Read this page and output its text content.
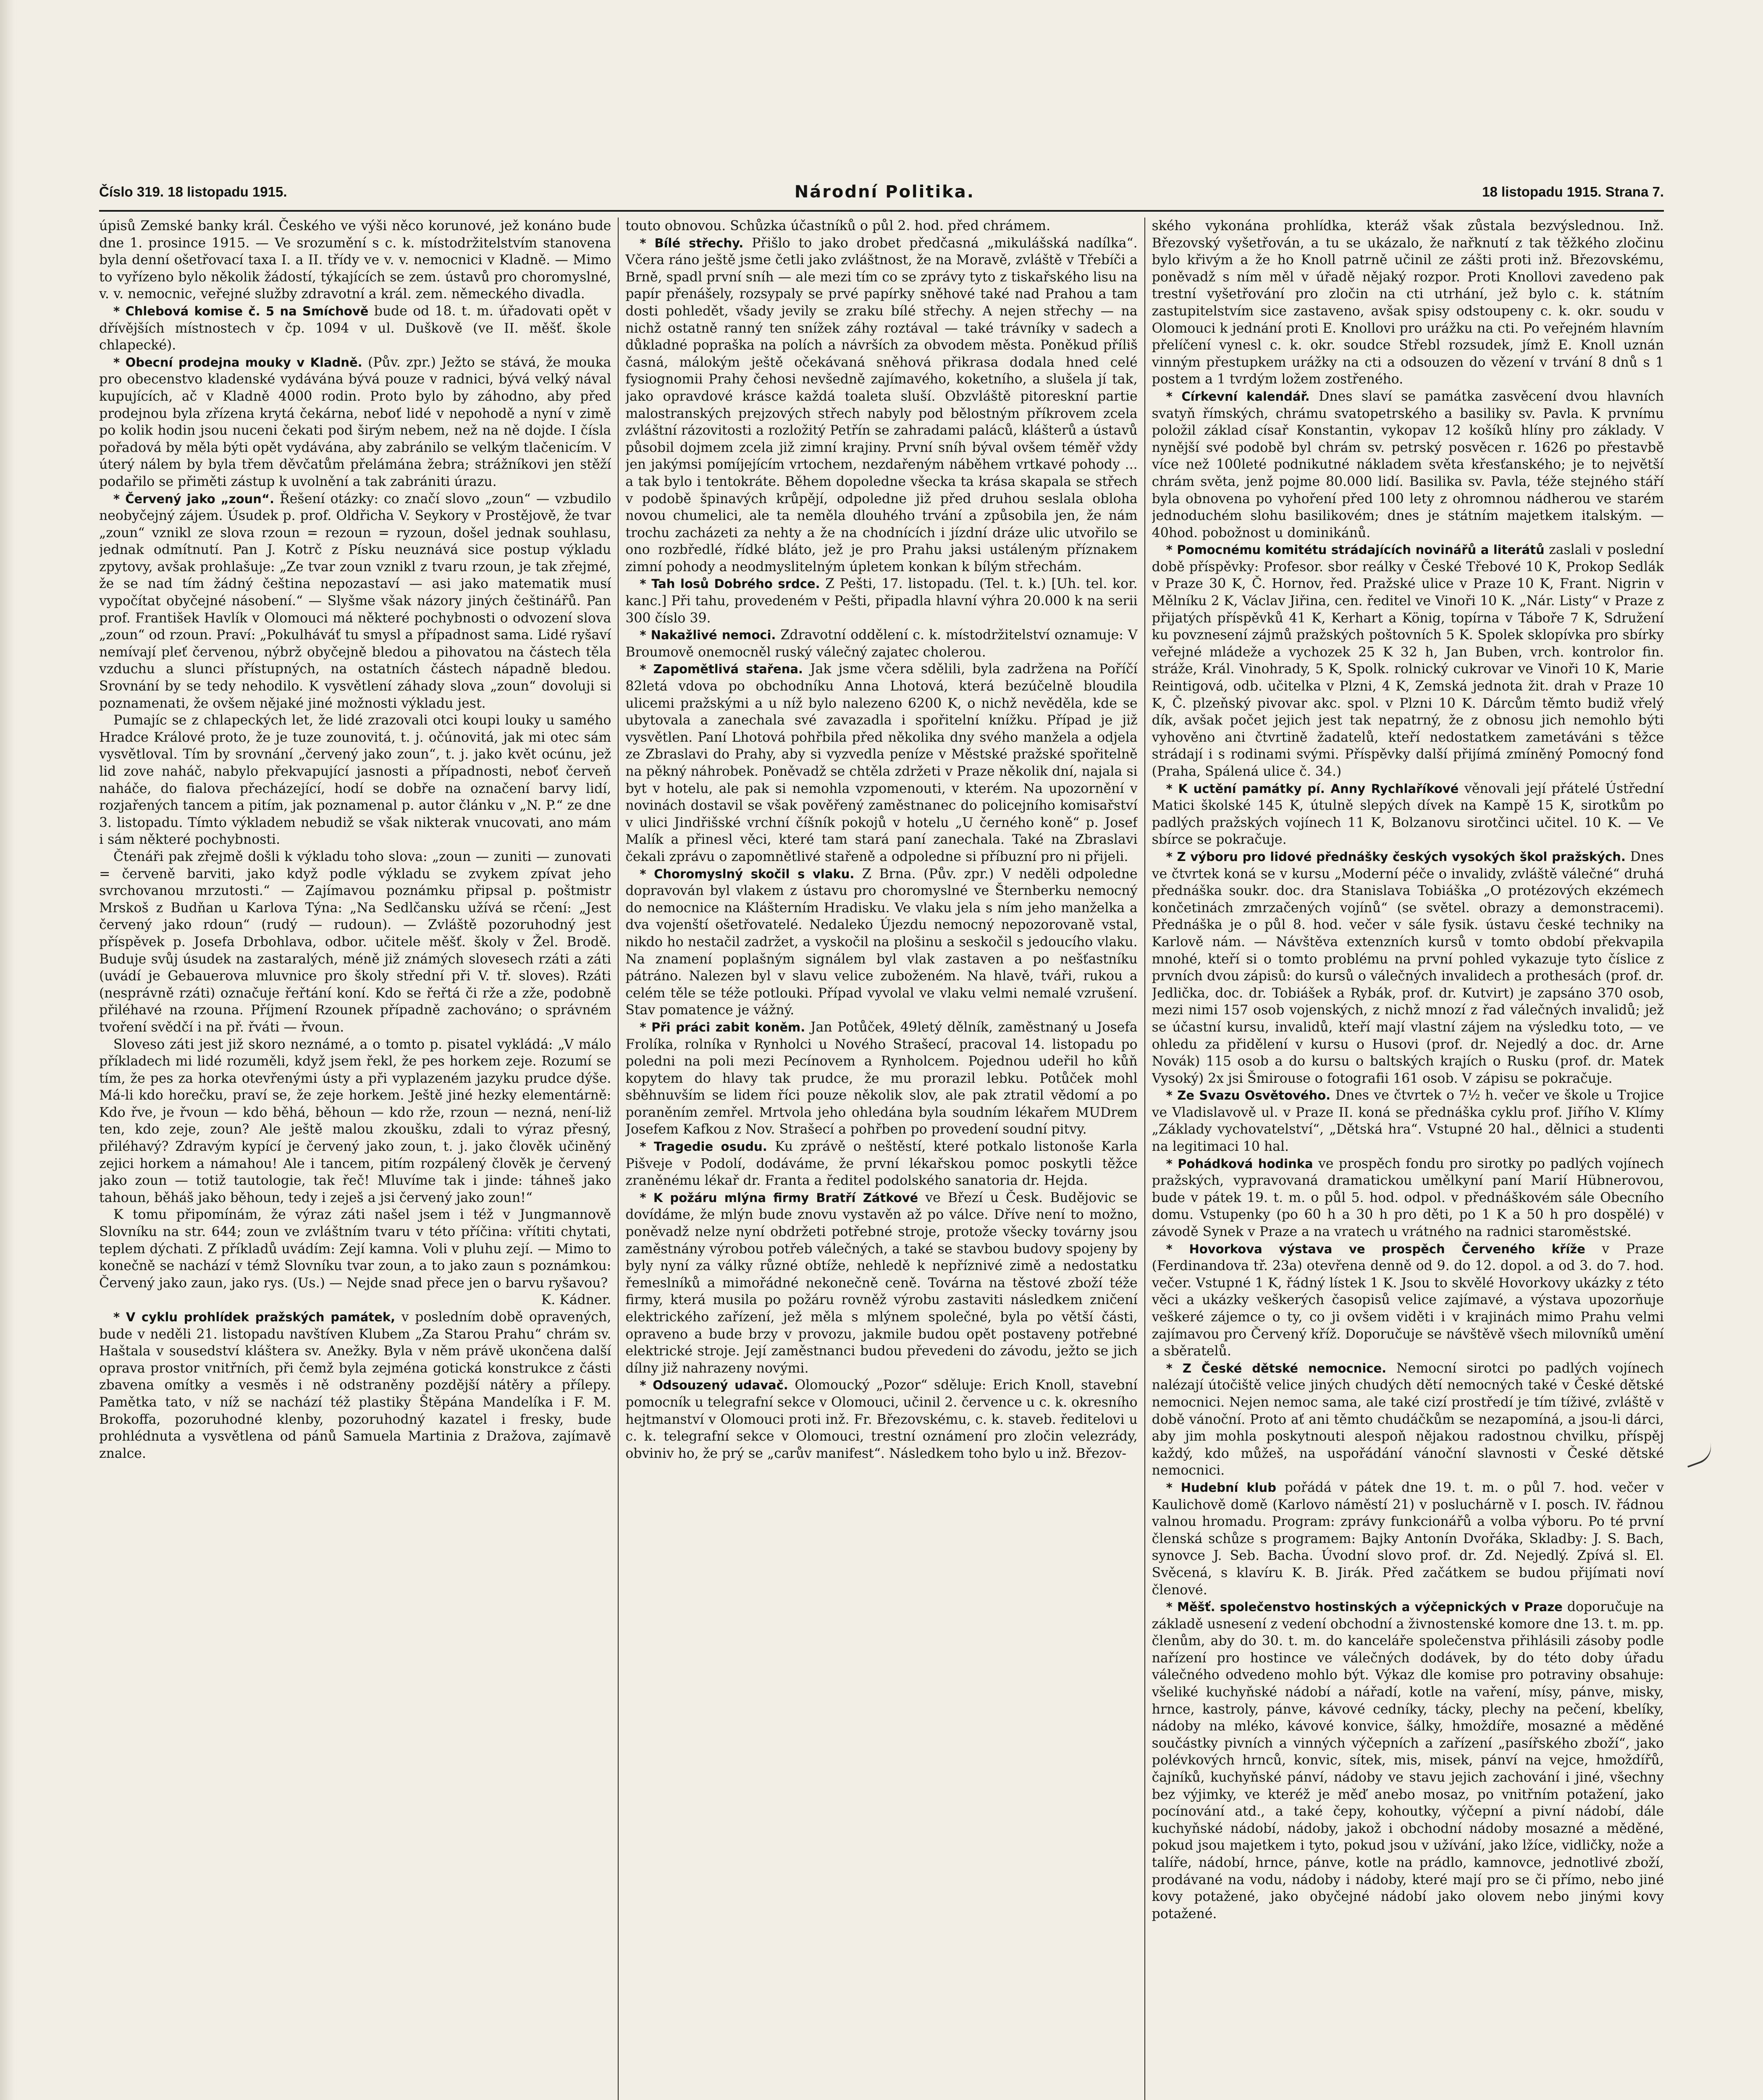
Číslo 319. 18 listopadu 1915.	Národní Politika.	18 listopadu 1915. Strana 7.

úpisů Zemské banky král. Českého ve výši něco korunové, jež konáno bude dne 1. prosince 1915. — Ve srozumění s c. k. místodržitelstvím stanovena byla denní ošetřovací taxa I. a II. třídy ve v. v. nemocnici v Kladně. — Mimo to vyřízeno bylo několik žádostí, týkajících se zem. ústavů pro choromyslné, v. v. nemocnic, veřejné služby zdravotní a král. zem. německého divadla.

* Chlebová komise č. 5 na Smíchově bude od 18. t. m. úřadovati opět v dřívějších místnostech v čp. 1094 v ul. Duškově (ve II. měšť. škole chlapecké).

* Obecní prodejna mouky v Kladně. (Pův. zpr.) Ježto se stává, že mouka pro obecenstvo kladenské vydávána bývá pouze v radnici, bývá velký nával kupujících, ač v Kladně 4000 rodin. Proto bylo by záhodno, aby před prodejnou byla zřízena krytá čekárna, neboť lidé v nepohodě a nyní v zimě po kolik hodin jsou nuceni čekati pod širým nebem, než na ně dojde. I čísla pořadová by měla býti opět vydávána, aby zabránilo se velkým tlačenicím. V úterý nálem by byla třem děvčatům přelámána žebra; strážníkovi jen stěží podařilo se přiměti zástup k uvolnění a tak zabrániti úrazu.

* Červený jako „zoun“. Řešení otázky: co značí slovo „zoun“ — vzbudilo neobyčejný zájem. Úsudek p. prof. Oldřicha V. Seykory v Prostějově, že tvar „zoun“ vznikl ze slova rzoun = rezoun = ryzoun, došel jednak souhlasu, jednak odmítnutí. Pan J. Kotrč z Písku neuznává sice postup výkladu zpytovy, avšak prohlašuje: „Ze tvar zoun vznikl z tvaru rzoun, je tak zřejmé, že se nad tím žádný čeština nepozastaví — asi jako matematik musí vypočítat obyčejné násobení.“ — Slyšme však názory jiných češtinářů. Pan prof. František Havlík v Olomouci má některé pochybnosti o odvození slova „zoun“ od rzoun. Praví: „Pokulháváť tu smysl a případnost sama. Lidé ryšaví nemívají pleť červenou, nýbrž obyčejně bledou a pihovatou na částech těla vzduchu a slunci přístupných, na ostatních částech nápadně bledou. Srovnání by se tedy nehodilo. K vysvětlení záhady slova „zoun“ dovoluji si poznamenati, že ovšem nějaké jiné možnosti výkladu jest.

Pumajíc se z chlapeckých let, že lidé zrazovali otci koupi louky u samého Hradce Králové proto, že je tuze zounovitá, t. j. očúnovitá, jak mi otec sám vysvětloval. Tím by srovnání „červený jako zoun“, t. j. jako květ ocúnu, jež lid zove naháč, nabylo překvapující jasnosti a případnosti, neboť červeň naháče, do fialova přecházející, hodí se dobře na označení barvy lidí, rozjařených tancem a pitím, jak poznamenal p. autor článku v „N. P.“ ze dne 3. listopadu. Tímto výkladem nebudiž se však nikterak vnucovati, ano mám i sám některé pochybnosti.

Čtenáři pak zřejmě došli k výkladu toho slova: „zoun — zuniti — zunovati = červeně barviti, jako když podle výkladu se zvykem zpívat jeho svrchovanou mrzutosti.“ — Zajímavou poznámku připsal p. poštmistr Mrskoš z Budňan u Karlova Týna: „Na Sedlčansku užívá se rčení: „Jest červený jako rdoun“ (rudý — rudoun). — Zvláště pozoruhodný jest příspěvek p. Josefa Drbohlava, odbor. učitele měšť. školy v Žel. Brodě. Buduje svůj úsudek na zastaralých, méně již známých slovesech rzáti a záti (uvádí je Gebauerova mluvnice pro školy střední při V. tř. sloves). Rzáti (nesprávně rzáti) označuje řeřtání koní. Kdo se řeřtá či rže a zže, podobně přiléhavé na rzouna. Příjmení Rzounek případně zachováno; o správném tvoření svědčí i na př. řváti — řvoun.

Sloveso záti jest již skoro neznámé, a o tomto p. pisatel vykládá: „V málo příkladech mi lidé rozuměli, když jsem řekl, že pes horkem zeje. Rozumí se tím, že pes za horka otevřenými ústy a při vyplazeném jazyku prudce dýše. Má-li kdo horečku, praví se, že zeje horkem. Ještě jiné hezky elementárně: Kdo řve, je řvoun — kdo běhá, běhoun — kdo rže, rzoun — nezná, není-liž ten, kdo zeje, zoun? Ale ještě malou zkoušku, zdali to výraz přesný, přiléhavý? Zdravým kypící je červený jako zoun, t. j. jako člověk učiněný zejici horkem a námahou! Ale i tancem, pitím rozpálený člověk je červený jako zoun — totiž tautologie, tak řeč! Mluvíme tak i jinde: táhneš jako tahoun, běháš jako běhoun, tedy i zeješ a jsi červený jako zoun!“

K tomu připomínám, že výraz záti našel jsem i též v Jungmannově Slovníku na str. 644; zoun ve zvláštním tvaru v této příčina: vřítiti chytati, teplem dýchati. Z příkladů uvádím: Zejí kamna. Voli v pluhu zejí. — Mimo to konečně se nachází v témž Slovníku tvar zoun, a to jako zaun s poznámkou: Červený jako zaun, jako rys. (Us.) — Nejde snad přece jen o barvu ryšavou?

K. Kádner.

* V cyklu prohlídek pražských památek, v posledním době opravených, bude v neděli 21. listopadu navštíven Klubem „Za Starou Prahu“ chrám sv. Haštala v sousedství kláštera sv. Anežky. Byla v něm právě ukončena další oprava prostor vnitřních, při čemž byla zejména gotická konstrukce z části zbavena omítky a vesměs i ně odstraněny pozdější nátěry a přílepy. Pamětka tato, v níž se nachází též plastiky Štěpána Mandelíka i F. M. Brokoffa, pozoruhodné klenby, pozoruhodný kazatel i fresky, bude prohlédnuta a vysvětlena od pánů Samuela Martinia z Dražova, zajímavě znalce.

touto obnovou. Schůzka účastníků o půl 2. hod. před chrámem.

* Bílé střechy. Přišlo to jako drobet předčasná „mikulášská nadílka“. Včera ráno ještě jsme četli jako zvláštnost, že na Moravě, zvláště v Třebíči a Brně, spadl první sníh — ale mezi tím co se zprávy tyto z tiskařského lisu na papír přenášely, rozsypaly se prvé papírky sněhové také nad Prahou a tam dosti pohledět, všady jevily se zraku bílé střechy. A nejen střechy — na nichž ostatně ranný ten snížek záhy roztával — také trávníky v sadech a důkladné popraška na polích a návrších za obvodem města. Poněkud příliš časná, málokým ještě očekávaná sněhová přikrasa dodala hned celé fysiognomii Prahy čehosi nevšedně zajímavého, koketního, a slušela jí tak, jako opravdové krásce každá toaleta sluší. Obzvláště pitoreskní partie malostranských prejzových střech nabyly pod bělostným příkrovem zcela zvláštní rázovitosti a rozložitý Petřín se zahradami paláců, klášterů a ústavů působil dojmem zcela již zimní krajiny. První sníh býval ovšem téměř vždy jen jakýmsi pomíjejícím vrtochem, nezdařeným náběhem vrtkavé pohody ... a tak bylo i tentokráte. Během dopoledne všecka ta krása skapala se střech v podobě špinavých krůpějí, odpoledne již před druhou seslala obloha novou chumelici, ale ta neměla dlouhého trvání a způsobila jen, že nám trochu zacházeti za nehty a že na chodnících i jízdní dráze ulic utvořilo se ono rozbředlé, řídké bláto, jež je pro Prahu jaksi ustáleným příznakem zimní pohody a neodmyslitelným úpletem konkan k bílým střechám.

* Tah losů Dobrého srdce. Z Pešti, 17. listopadu. (Tel. t. k.) [Uh. tel. kor. kanc.] Při tahu, provedeném v Pešti, připadla hlavní výhra 20.000 k na serii 300 číslo 39.

* Nakažlivé nemoci. Zdravotní oddělení c. k. místodržitelství oznamuje: V Broumově onemocněl ruský válečný zajatec cholerou.

* Zapomětlivá stařena. Jak jsme včera sdělili, byla zadržena na Poříčí 82letá vdova po obchodníku Anna Lhotová, která bezúčelně bloudila ulicemi pražskými a u níž bylo nalezeno 6200 K, o nichž nevěděla, kde se ubytovala a zanechala své zavazadla i spořitelní knížku. Případ je již vysvětlen. Paní Lhotová pohřbila před několika dny svého manžela a odjela ze Zbraslavi do Prahy, aby si vyzvedla peníze v Městské pražské spořitelně na pěkný náhrobek. Poněvadž se chtěla zdržeti v Praze několik dní, najala si byt v hotelu, ale pak si nemohla vzpomenouti, v kterém. Na upozornění v novinách dostavil se však pověřený zaměstnanec do policejního komisařství v ulici Jindřišské vrchní číšník pokojů v hotelu „U černého koně“ p. Josef Malík a přinesl věci, které tam stará paní zanechala. Také na Zbraslavi čekali zprávu o zapomnětlivé stařeně a odpoledne si příbuzní pro ni přijeli.

* Choromyslný skočil s vlaku. Z Brna. (Pův. zpr.) V neděli odpoledne dopravován byl vlakem z ústavu pro choromyslné ve Šternberku nemocný do nemocnice na Klášterním Hradisku. Ve vlaku jela s ním jeho manželka a dva vojenští ošetřovatelé. Nedaleko Újezdu nemocný nepozorovaně vstal, nikdo ho nestačil zadržet, a vyskočil na plošinu a seskočil s jedoucího vlaku. Na znamení poplašným signálem byl vlak zastaven a po nešťastníku pátráno. Nalezen byl v slavu velice zuboženém. Na hlavě, tváři, rukou a celém těle se téže potlouki. Případ vyvolal ve vlaku velmi nemalé vzrušení. Stav pomatence je vážný.

* Při práci zabit koněm. Jan Potůček, 49letý dělník, zaměstnaný u Josefa Frolíka, rolníka v Rynholci u Nového Strašecí, pracoval 14. listopadu po poledni na poli mezi Pecínovem a Rynholcem. Pojednou udeřil ho kůň kopytem do hlavy tak prudce, že mu prorazil lebku. Potůček mohl sběhnuvším se lidem říci pouze několik slov, ale pak ztratil vědomí a po poraněním zemřel. Mrtvola jeho ohledána byla soudním lékařem MUDrem Josefem Kafkou z Nov. Strašecí a pohřben po provedení soudní pitvy.

* Tragedie osudu. Ku zprávě o neštěstí, které potkalo listonoše Karla Pišveje v Podolí, dodáváme, že první lékařskou pomoc poskytli těžce zraněnému lékař dr. Franta a ředitel podolského sanatoria dr. Hejda.

* K požáru mlýna firmy Bratří Zátkové ve Březí u Česk. Budějovic se dovídáme, že mlýn bude znovu vystavěn až po válce. Dříve není to možno, poněvadž nelze nyní obdržeti potřebné stroje, protože všecky továrny jsou zaměstnány výrobou potřeb válečných, a také se stavbou budovy spojeny by byly nyní za války různé obtíže, nehledě k nepříznivé zimě a nedostatku řemeslníků a mimořádné nekonečně ceně. Továrna na těstové zboží téže firmy, která musila po požáru rovněž výrobu zastaviti následkem zničení elektrického zařízení, jež měla s mlýnem společné, byla po větší části, opraveno a bude brzy v provozu, jakmile budou opět postaveny potřebné elektrické stroje. Její zaměstnanci budou převedeni do závodu, ježto se jich dílny již nahrazeny novými.

* Odsouzený udavač. Olomoucký „Pozor“ sděluje: Erich Knoll, stavební pomocník u telegrafní sekce v Olomouci, učinil 2. července u c. k. okresního hejtmanství v Olomouci proti inž. Fr. Březovskému, c. k. staveb. ředitelovi u c. k. telegrafní sekce v Olomouci, trestní oznámení pro zločin velezrády, obviniv ho, že prý se „carův manifest“. Následkem toho bylo u inž. Březov-

ského vykonána prohlídka, kteráž však zůstala bezvýslednou. Inž. Březovský vyšetřován, a tu se ukázalo, že nařknutí z tak těžkého zločinu bylo křivým a že ho Knoll patrně učinil ze zášti proti inž. Březovskému, poněvadž s ním měl v úřadě nějaký rozpor. Proti Knollovi zavedeno pak trestní vyšetřování pro zločin na cti utrhání, jež bylo c. k. státním zastupitelstvím sice zastaveno, avšak spisy odstoupeny c. k. okr. soudu v Olomouci k jednání proti E. Knollovi pro urážku na cti. Po veřejném hlavním přelíčení vynesl c. k. okr. soudce Střebl rozsudek, jímž E. Knoll uznán vinným přestupkem urážky na cti a odsouzen do vězení v trvání 8 dnů s 1 postem a 1 tvrdým ložem zostřeného.

* Církevní kalendář. Dnes slaví se památka zasvěcení dvou hlavních svatyň římských, chrámu svatopetrského a basiliky sv. Pavla. K prvnímu položil základ císař Konstantin, vykopav 12 košíků hlíny pro základy. V nynější své podobě byl chrám sv. petrský posvěcen r. 1626 po přestavbě více než 100leté podnikutné nákladem světa křesťanského; je to největší chrám světa, jenž pojme 80.000 lidí. Basilika sv. Pavla, téže stejného stáří byla obnovena po vyhoření před 100 lety z ohromnou nádherou ve starém jednoduchém slohu basilikovém; dnes je státním majetkem italským. — 40hod. pobožnost u dominikánů.

* Pomocnému komitétu strádajících novinářů a literátů zaslali v poslední době příspěvky: Profesor. sbor reálky v České Třebové 10 K, Prokop Sedlák v Praze 30 K, Č. Hornov, řed. Pražské ulice v Praze 10 K, Frant. Nigrin v Mělníku 2 K, Václav Jiřina, cen. ředitel ve Vinoři 10 K. „Nár. Listy“ v Praze z přijatých příspěvků 41 K, Kerhart a König, topírna v Táboře 7 K, Sdružení ku povznesení zájmů pražských poštovních 5 K. Spolek sklopívka pro sbírky veřejné mládeže a vychozek 25 K 32 h, Jan Buben, vrch. kontrolor fin. stráže, Král. Vinohrady, 5 K, Spolk. rolnický cukrovar ve Vinoři 10 K, Marie Reintigová, odb. učitelka v Plzni, 4 K, Zemská jednota žit. drah v Praze 10 K, Č. plzeňský pivovar akc. spol. v Plzni 10 K. Dárcům těmto budiž vřelý dík, avšak počet jejich jest tak nepatrný, že z obnosu jich nemohlo býti vyhověno ani čtvrtině žadatelů, kteří nedostatkem zametáváni s těžce strádají i s rodinami svými. Příspěvky další přijímá zmíněný Pomocný fond (Praha, Spálená ulice č. 34.)

* K uctění památky pí. Anny Rychlaříkové věnovali její přátelé Ústřední Matici školské 145 K, útulně slepých dívek na Kampě 15 K, sirotkům po padlých pražských vojínech 11 K, Bolzanovu sirotčinci učitel. 10 K. — Ve sbírce se pokračuje.

* Z výboru pro lidové přednášky českých vysokých škol pražských. Dnes ve čtvrtek koná se v kursu „Moderní péče o invalidy, zvláště válečné“ druhá přednáška soukr. doc. dra Stanislava Tobiáška „O protézových ekzémech končetinách zmrzačených vojínů“ (se světel. obrazy a demonstracemi). Přednáška je o půl 8. hod. večer v sále fysik. ústavu české techniky na Karlově nám. — Návštěva extenzních kursů v tomto období překvapila mnohé, kteří si o tomto problému na první pohled vykazuje tyto číslice z prvních dvou zápisů: do kursů o válečných invalidech a prothesách (prof. dr. Jedlička, doc. dr. Tobiášek a Rybák, prof. dr. Kutvirt) je zapsáno 370 osob, mezi nimi 157 osob vojenských, z nichž mnozí z řad válečných invalidů; jež se účastní kursu, invalidů, kteří mají vlastní zájem na výsledku toto, — ve ohledu za přidělení v kursu o Husovi (prof. dr. Nejedlý a doc. dr. Arne Novák) 115 osob a do kursu o baltských krajích o Rusku (prof. dr. Matek Vysoký) 2x jsi Šmirouse o fotografii 161 osob. V zápisu se pokračuje.

* Ze Svazu Osvětového. Dnes ve čtvrtek o 7½ h. večer ve škole u Trojice ve Vladislavově ul. v Praze II. koná se přednáška cyklu prof. Jiřího V. Klímy „Základy vychovatelství“, „Dětská hra“. Vstupné 20 hal., dělnici a studenti na legitimaci 10 hal.

* Pohádková hodinka ve prospěch fondu pro sirotky po padlých vojínech pražských, vypravovaná dramatickou umělkyní paní Marií Hübnerovou, bude v pátek 19. t. m. o půl 5. hod. odpol. v přednáškovém sále Obecního domu. Vstupenky (po 60 h a 30 h pro děti, po 1 K a 50 h pro dospělé) v závodě Synek v Praze a na vratech u vrátného na radnici staroměstské.

* Hovorkova výstava ve prospěch Červeného kříže v Praze (Ferdinandova tř. 23a) otevřena denně od 9. do 12. dopol. a od 3. do 7. hod. večer. Vstupné 1 K, řádný lístek 1 K. Jsou to skvělé Hovorkovy ukázky z této věci a ukázky veškerých časopisů velice zajímavé, a výstava upozorňuje veškeré zájemce o ty, co ji ovšem viděti i v krajinách mimo Prahu velmi zajímavou pro Červený kříž. Doporučuje se návštěvě všech milovníků umění a sběratelů.

* Z České dětské nemocnice. Nemocní sirotci po padlých vojínech nalézají útočiště velice jiných chudých dětí nemocných také v České dětské nemocnici. Nejen nemoc sama, ale také cizí prostředí je tím tíživé, zvláště v době vánoční. Proto ať ani těmto chudáčkům se nezapomíná, a jsou-li dárci, aby jim mohla poskytnouti alespoň nějakou radostnou chvilku, příspěj každý, kdo můžeš, na uspořádání vánoční slavnosti v České dětské nemocnici.

* Hudební klub pořádá v pátek dne 19. t. m. o půl 7. hod. večer v Kaulichově domě (Karlovo náměstí 21) v posluchárně v I. posch. IV. řádnou valnou hromadu. Program: zprávy funkcionářů a volba výboru. Po té první členská schůze s programem: Bajky Antonín Dvořáka, Skladby: J. S. Bach, synovce J. Seb. Bacha. Úvodní slovo prof. dr. Zd. Nejedlý. Zpívá sl. El. Svěcená, s klavíru K. B. Jirák. Před začátkem se budou přijímati noví členové.

* Měšť. společenstvo hostinských a výčepnických v Praze doporučuje na základě usnesení z vedení obchodní a živnostenské komore dne 13. t. m. pp. členům, aby do 30. t. m. do kanceláře společenstva přihlásili zásoby podle nařízení pro hostince ve válečných dodávek, by do této doby úřadu válečného odvedeno mohlo být. Výkaz dle komise pro potraviny obsahuje: všeliké kuchyňské nádobí a nářadí, kotle na vaření, mísy, pánve, misky, hrnce, kastroly, pánve, kávové cedníky, tácky, plechy na pečení, kbelíky, nádoby na mléko, kávové konvice, šálky, hmoždíře, mosazné a měděné součástky pivních a vinných výčepních a zařízení „pasířského zboží“, jako polévkových hrnců, konvic, sítek, mis, misek, pánví na vejce, hmoždířů, čajníků, kuchyňské pánví, nádoby ve stavu jejich zachování i jiné, všechny bez výjimky, ve kteréž je měď anebo mosaz, po vnitřním potažení, jako pocínování atd., a také čepy, kohoutky, výčepní a pivní nádobí, dále kuchyňské nádobí, nádoby, jakož i obchodní nádoby mosazné a měděné, pokud jsou majetkem i tyto, pokud jsou v užívání, jako lžíce, vidličky, nože a talíře, nádobí, hrnce, pánve, kotle na prádlo, kamnovce, jednotlivé zboží, prodávané na vodu, nádoby i nádoby, které mají pro se či přímo, nebo jiné kovy potažené, jako obyčejné nádobí jako olovem nebo jinými kovy potažené.
